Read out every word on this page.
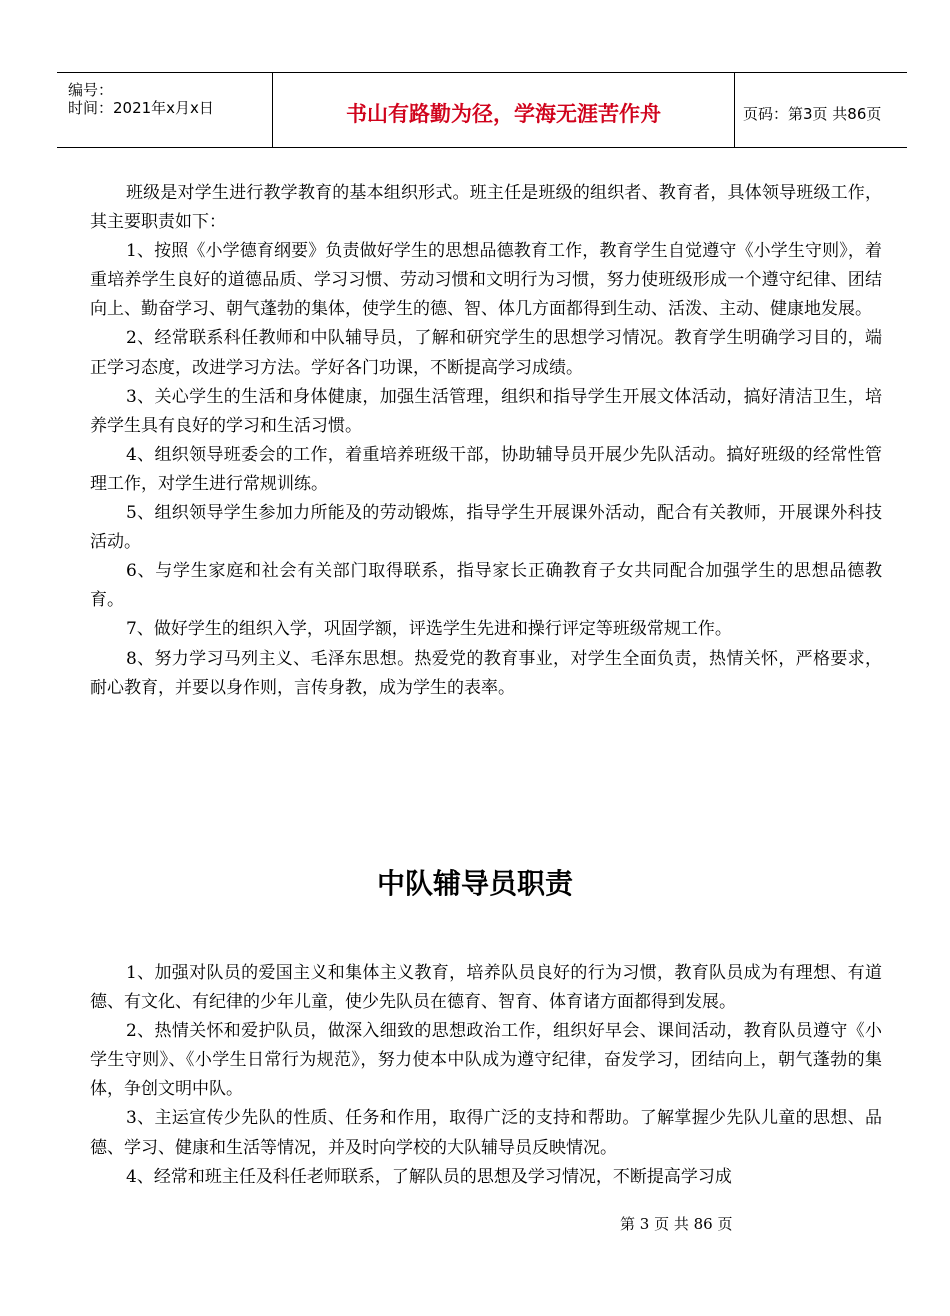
编号：
时间：2021年x月x日	书山有路勤为径，学海无涯苦作舟	页码：第3页 共86页

班级是对学生进行教学教育的基本组织形式。班主任是班级的组织者、教育者，具体领导班级工作，其主要职责如下：

1、按照《小学德育纲要》负责做好学生的思想品德教育工作，教育学生自觉遵守《小学生守则》，着重培养学生良好的道德品质、学习习惯、劳动习惯和文明行为习惯，努力使班级形成一个遵守纪律、团结向上、勤奋学习、朝气蓬勃的集体，使学生的德、智、体几方面都得到生动、活泼、主动、健康地发展。

2、经常联系科任教师和中队辅导员，了解和研究学生的思想学习情况。教育学生明确学习目的，端正学习态度，改进学习方法。学好各门功课，不断提高学习成绩。

3、关心学生的生活和身体健康，加强生活管理，组织和指导学生开展文体活动，搞好清洁卫生，培养学生具有良好的学习和生活习惯。

4、组织领导班委会的工作，着重培养班级干部，协助辅导员开展少先队活动。搞好班级的经常性管理工作，对学生进行常规训练。

5、组织领导学生参加力所能及的劳动锻炼，指导学生开展课外活动，配合有关教师，开展课外科技活动。

6、与学生家庭和社会有关部门取得联系，指导家长正确教育子女共同配合加强学生的思想品德教育。

7、做好学生的组织入学，巩固学额，评选学生先进和操行评定等班级常规工作。

8、努力学习马列主义、毛泽东思想。热爱党的教育事业，对学生全面负责，热情关怀，严格要求，耐心教育，并要以身作则，言传身教，成为学生的表率。

中队辅导员职责

1、加强对队员的爱国主义和集体主义教育，培养队员良好的行为习惯，教育队员成为有理想、有道德、有文化、有纪律的少年儿童，使少先队员在德育、智育、体育诸方面都得到发展。

2、热情关怀和爱护队员，做深入细致的思想政治工作，组织好早会、课间活动，教育队员遵守《小学生守则》、《小学生日常行为规范》，努力使本中队成为遵守纪律，奋发学习，团结向上，朝气蓬勃的集体，争创文明中队。

3、主运宣传少先队的性质、任务和作用，取得广泛的支持和帮助。了解掌握少先队儿童的思想、品德、学习、健康和生活等情况，并及时向学校的大队辅导员反映情况。

4、经常和班主任及科任老师联系，了解队员的思想及学习情况，不断提高学习成

第 3 页 共 86 页
